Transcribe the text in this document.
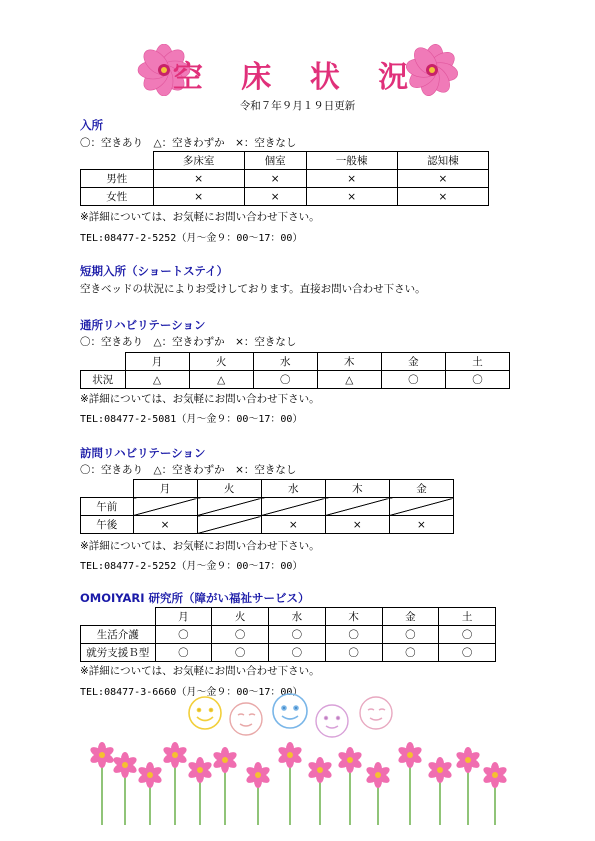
空 床 状 況
令和７年９月１９日更新
入所
〇：空きあり　△：空きわずか　×：空きなし
	多床室	個室	一般棟	認知棟
男性	×	×	×	×
女性	×	×	×	×
※詳細については、お気軽にお問い合わせ下さい。
TEL:08477-2-5252（月～金９：00～17：00）
短期入所（ショートステイ）
空きベッドの状況によりお受けしております。直接お問い合わせ下さい。
通所リハビリテーション
〇：空きあり　△：空きわずか　×：空きなし
	月	火	水	木	金	土
状況	△	△	〇	△	〇	〇
※詳細については、お気軽にお問い合わせ下さい。
TEL:08477-2-5081（月～金９：00～17：00）
訪問リハビリテーション
〇：空きあり　△：空きわずか　×：空きなし
	月	火	水	木	金
午前					
午後	×		×	×	×
※詳細については、お気軽にお問い合わせ下さい。
TEL:08477-2-5252（月～金９：00～17：00）
OMOIYARI 研究所（障がい福祉サービス）
	月	火	水	木	金	土
生活介護	〇	〇	〇	〇	〇	〇
就労支援Ｂ型	〇	〇	〇	〇	〇	〇
※詳細については、お気軽にお問い合わせ下さい。
TEL:08477-3-6660（月～金９：00～17：00）
